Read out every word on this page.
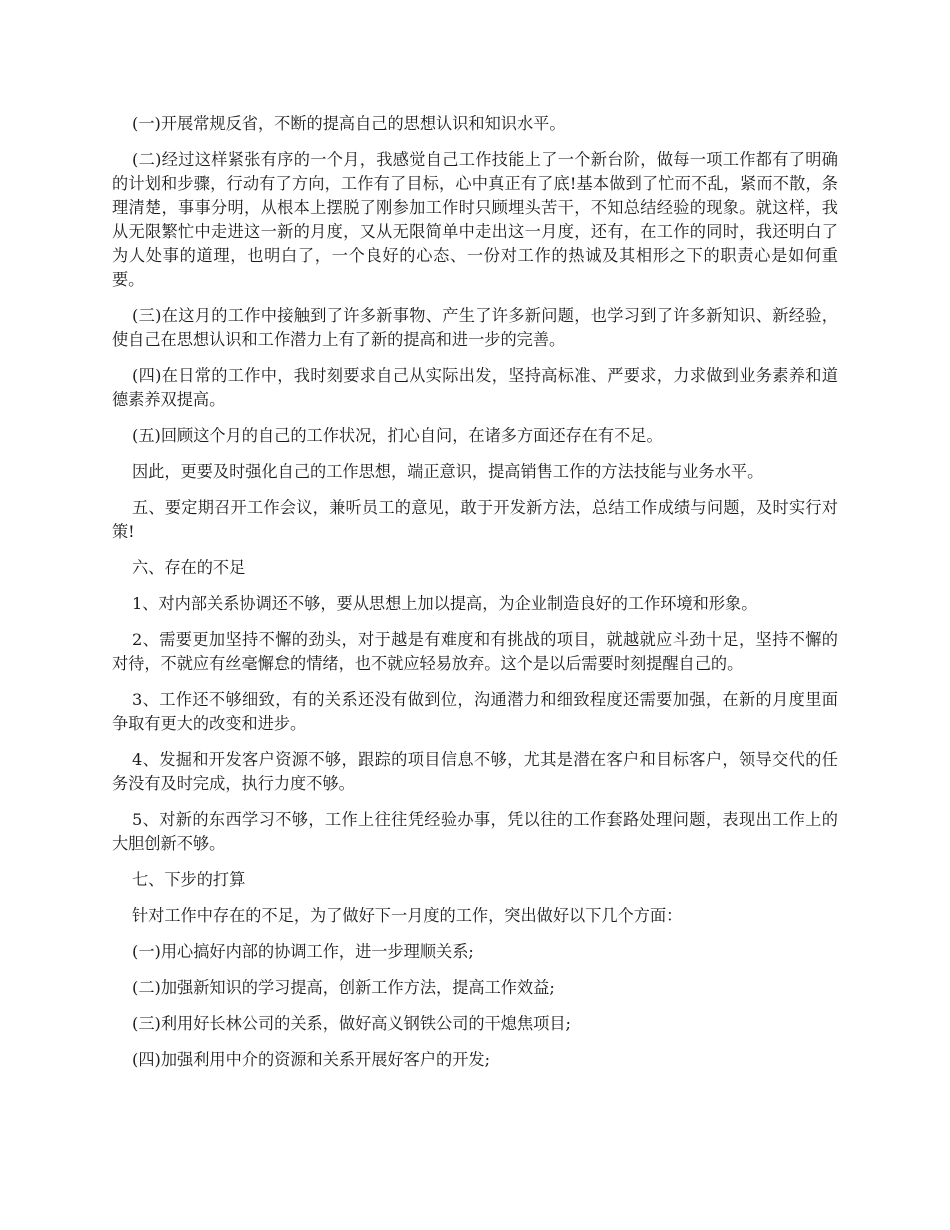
(一)开展常规反省，不断的提高自己的思想认识和知识水平。

(二)经过这样紧张有序的一个月，我感觉自己工作技能上了一个新台阶，做每一项工作都有了明确的计划和步骤，行动有了方向，工作有了目标，心中真正有了底!基本做到了忙而不乱，紧而不散，条理清楚，事事分明，从根本上摆脱了刚参加工作时只顾埋头苦干，不知总结经验的现象。就这样，我从无限繁忙中走进这一新的月度，又从无限简单中走出这一月度，还有，在工作的同时，我还明白了为人处事的道理，也明白了，一个良好的心态、一份对工作的热诚及其相形之下的职责心是如何重要。

(三)在这月的工作中接触到了许多新事物、产生了许多新问题，也学习到了许多新知识、新经验，使自己在思想认识和工作潜力上有了新的提高和进一步的完善。

(四)在日常的工作中，我时刻要求自己从实际出发，坚持高标准、严要求，力求做到业务素养和道德素养双提高。

(五)回顾这个月的自己的工作状况，扪心自问，在诸多方面还存在有不足。

因此，更要及时强化自己的工作思想，端正意识，提高销售工作的方法技能与业务水平。

五、要定期召开工作会议，兼听员工的意见，敢于开发新方法，总结工作成绩与问题，及时实行对策!

六、存在的不足

1、对内部关系协调还不够，要从思想上加以提高，为企业制造良好的工作环境和形象。

2、需要更加坚持不懈的劲头，对于越是有难度和有挑战的项目，就越就应斗劲十足，坚持不懈的对待，不就应有丝毫懈怠的情绪，也不就应轻易放弃。这个是以后需要时刻提醒自己的。

3、工作还不够细致，有的关系还没有做到位，沟通潜力和细致程度还需要加强，在新的月度里面争取有更大的改变和进步。

4、发掘和开发客户资源不够，跟踪的项目信息不够，尤其是潜在客户和目标客户，领导交代的任务没有及时完成，执行力度不够。

5、对新的东西学习不够，工作上往往凭经验办事，凭以往的工作套路处理问题，表现出工作上的大胆创新不够。

七、下步的打算

针对工作中存在的不足，为了做好下一月度的工作，突出做好以下几个方面：

(一)用心搞好内部的协调工作，进一步理顺关系;

(二)加强新知识的学习提高，创新工作方法，提高工作效益;

(三)利用好长林公司的关系，做好高义钢铁公司的干熄焦项目;

(四)加强利用中介的资源和关系开展好客户的开发;
